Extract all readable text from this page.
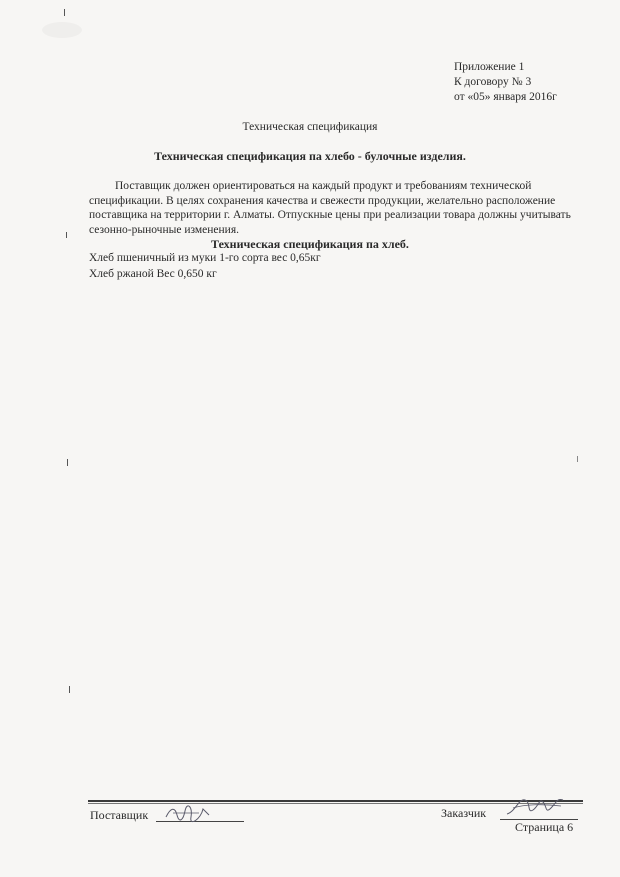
Приложение 1
К договору № 3
от «05» января 2016г
Техническая спецификация
Техническая спецификация па хлебо - булочные изделия.

Поставщик должен ориентироваться на каждый продукт и требованиям технической спецификации. В целях сохранения качества и свежести продукции, желательно расположение поставщика на территории г. Алматы. Отпускные цены при реализации товара должны учитывать сезонно-рыночные изменения.

Техническая спецификация па хлеб.
Хлеб пшеничный из муки 1-го сорта вес 0,65кг
Хлеб ржаной Вес 0,650 кг
Поставщик	Заказчик
Страница 6
